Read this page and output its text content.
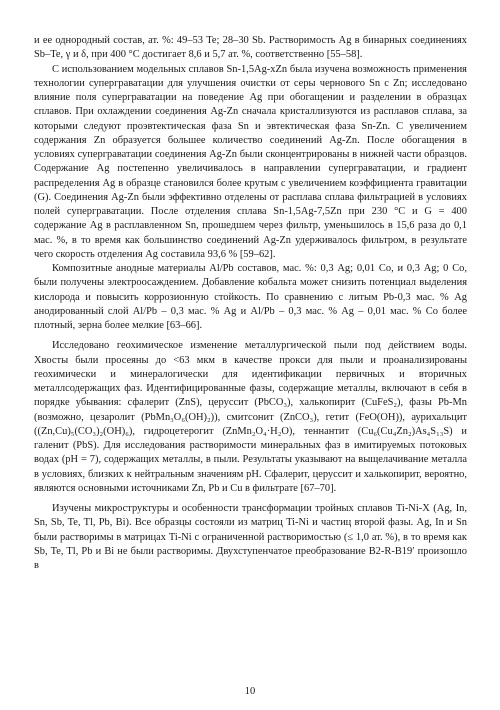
и ее однородный состав, ат. %: 49–53 Te; 28–30 Sb. Растворимость Ag в бинарных соединениях Sb–Te, γ и δ, при 400 °C достигает 8,6 и 5,7 ат. %, соответственно [55–58].

С использованием модельных сплавов Sn-1,5Ag-xZn была изучена возможность применения технологии суперграватации для улучшения очистки от серы чернового Sn с Zn; исследовано влияние поля суперграватации на поведение Ag при обогащении и разделении в образцах сплавов. При охлаждении соединения Ag-Zn сначала кристаллизуются из расплавов сплава, за которыми следуют проэвтектическая фаза Sn и эвтектическая фаза Sn-Zn. С увеличением содержания Zn образуется большее количество соединений Ag-Zn. После обогащения в условиях суперграватации соединения Ag-Zn были сконцентрированы в нижней части образцов. Содержание Ag постепенно увеличивалось в направлении суперграватации, и градиент распределения Ag в образце становился более крутым с увеличением коэффициента гравитации (G). Соединения Ag-Zn были эффективно отделены от расплава сплава фильтрацией в условиях полей суперграватации. После отделения сплава Sn-1,5Ag-7,5Zn при 230 °C и G = 400 содержание Ag в расплавленном Sn, прошедшем через фильтр, уменьшилось в 15,6 раза до 0,1 мас. %, в то время как большинство соединений Ag-Zn удерживалось фильтром, в результате чего скорость отделения Ag составила 93,6 % [59–62].

Композитные анодные материалы Al/Pb составов, мас. %: 0,3 Ag; 0,01 Co, и 0,3 Ag; 0 Co, были получены электроосаждением. Добавление кобальта может снизить потенциал выделения кислорода и повысить коррозионную стойкость. По сравнению с литым Pb-0,3 мас. % Ag анодированный слой Al/Pb – 0,3 мас. % Ag и Al/Pb – 0,3 мас. % Ag – 0,01 мас. % Co более плотный, зерна более мелкие [63–66].

Исследовано геохимическое изменение металлургической пыли под действием воды. Хвосты были просеяны до <63 мкм в качестве прокси для пыли и проанализированы геохимически и минералогически для идентификации первичных и вторичных металлсодержащих фаз. Идентифицированные фазы, содержащие металлы, включают в себя в порядке убывания: сфалерит (ZnS), церуссит (PbCO₃), халькопирит (CuFeS₂), фазы Pb-Mn (возможно, цезаролит (PbMn₃O₆(OH)₂)), смитсонит (ZnCO₃), гетит (FeO(OH)), аурихальцит ((Zn,Cu)₅(CO₃)₂(OH)₆), гидроцетерогит (ZnMn₂O₄·H₂O), теннантит (Cu₆(Cu₄Zn₂)As₄S₁₃S) и галенит (PbS). Для исследования растворимости минеральных фаз в имитируемых потоковых водах (pH = 7), содержащих металлы, в пыли. Результаты указывают на выщелачивание металла в условиях, близких к нейтральным значениям pH. Сфалерит, церуссит и халькопирит, вероятно, являются основными источниками Zn, Pb и Cu в фильтрате [67–70].

Изучены микроструктуры и особенности трансформации тройных сплавов Ti-Ni-X (Ag, In, Sn, Sb, Te, Tl, Pb, Bi). Все образцы состояли из матриц Ti-Ni и частиц второй фазы. Ag, In и Sn были растворимы в матрицах Ti-Ni с ограниченной растворимостью (≤ 1,0 ат. %), в то время как Sb, Te, Tl, Pb и Bi не были растворимы. Двухступенчатое преобразование B2-R-B19′ произошло в

10
